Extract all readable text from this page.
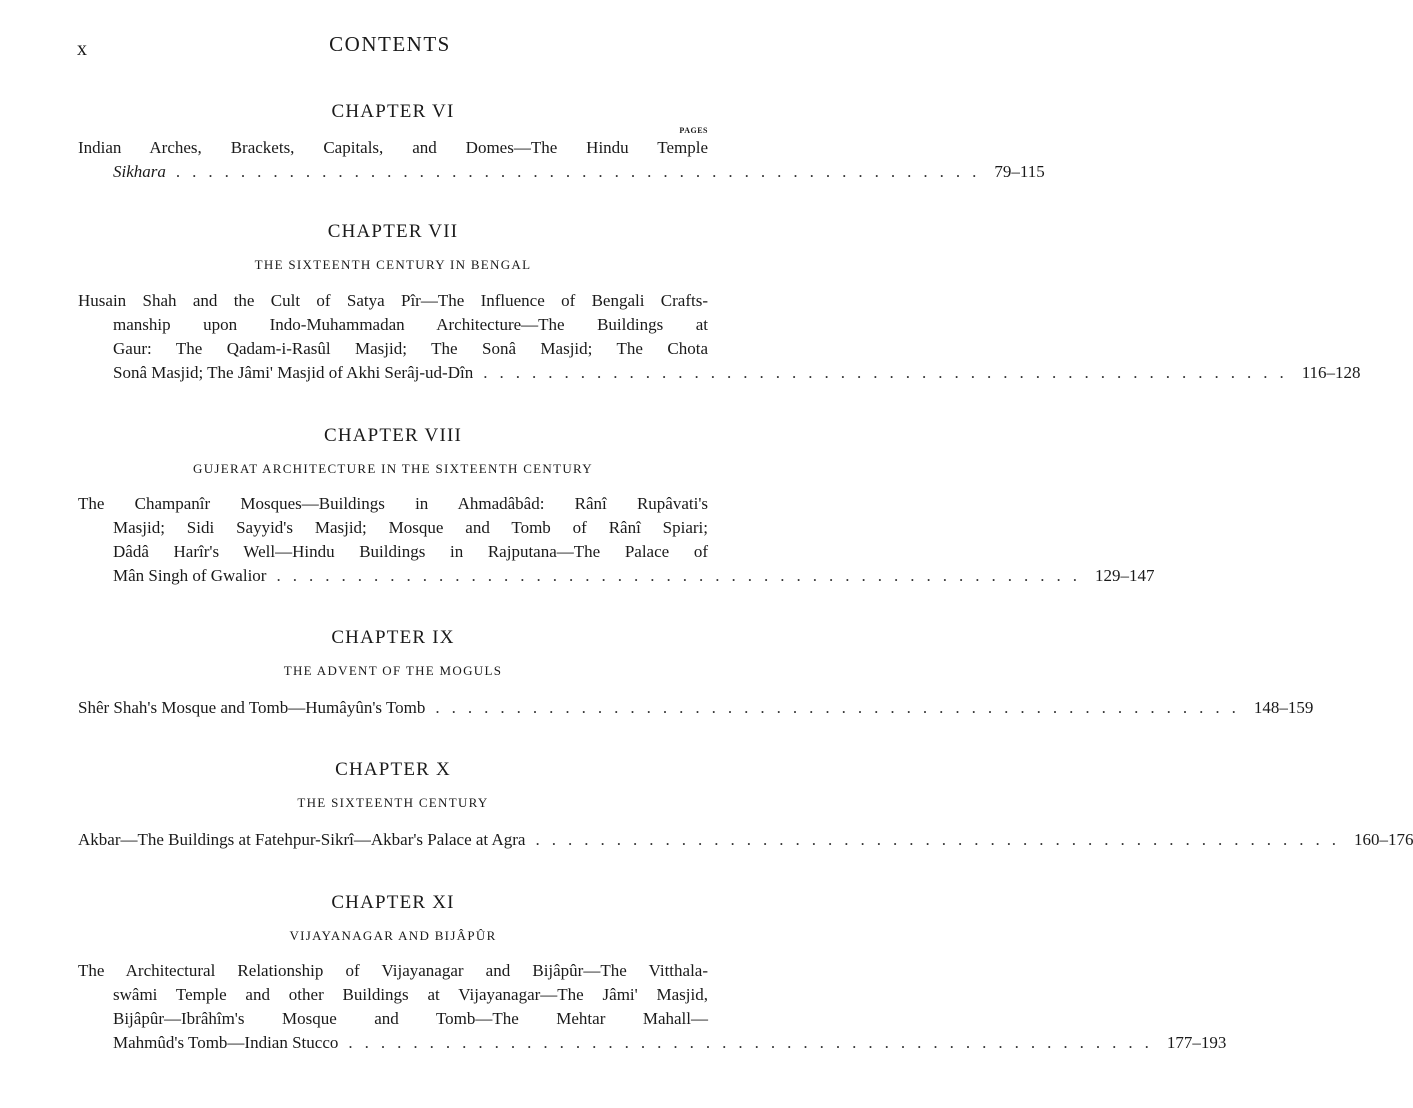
x	CONTENTS
CHAPTER VI
PAGES
Indian Arches, Brackets, Capitals, and Domes—The Hindu Temple
Sikhara .................................................. 79–115
CHAPTER VII
THE SIXTEENTH CENTURY IN BENGAL
Husain Shah and the Cult of Satya Pîr—The Influence of Bengali Crafts-
manship upon Indo-Muhammadan Architecture—The Buildings at
Gaur: The Qadam-i-Rasûl Masjid; The Sonâ Masjid; The Chota
Sonâ Masjid; The Jâmi' Masjid of Akhi Serâj-ud-Dîn .................................................. 116–128
CHAPTER VIII
GUJERAT ARCHITECTURE IN THE SIXTEENTH CENTURY
The Champanîr Mosques—Buildings in Ahmadâbâd: Rânî Rupâvati's
Masjid; Sidi Sayyid's Masjid; Mosque and Tomb of Rânî Spiari;
Dâdâ Harîr's Well—Hindu Buildings in Rajputana—The Palace of
Mân Singh of Gwalior .................................................. 129–147
CHAPTER IX
THE ADVENT OF THE MOGULS
Shêr Shah's Mosque and Tomb—Humâyûn's Tomb .................................................. 148–159
CHAPTER X
THE SIXTEENTH CENTURY
Akbar—The Buildings at Fatehpur-Sikrî—Akbar's Palace at Agra .................................................. 160–176
CHAPTER XI
VIJAYANAGAR AND BIJÂPÛR
The Architectural Relationship of Vijayanagar and Bijâpûr—The Vitthala-
swâmi Temple and other Buildings at Vijayanagar—The Jâmi' Masjid,
Bijâpûr—Ibrâhîm's Mosque and Tomb—The Mehtar Mahall—
Mahmûd's Tomb—Indian Stucco .................................................. 177–193
